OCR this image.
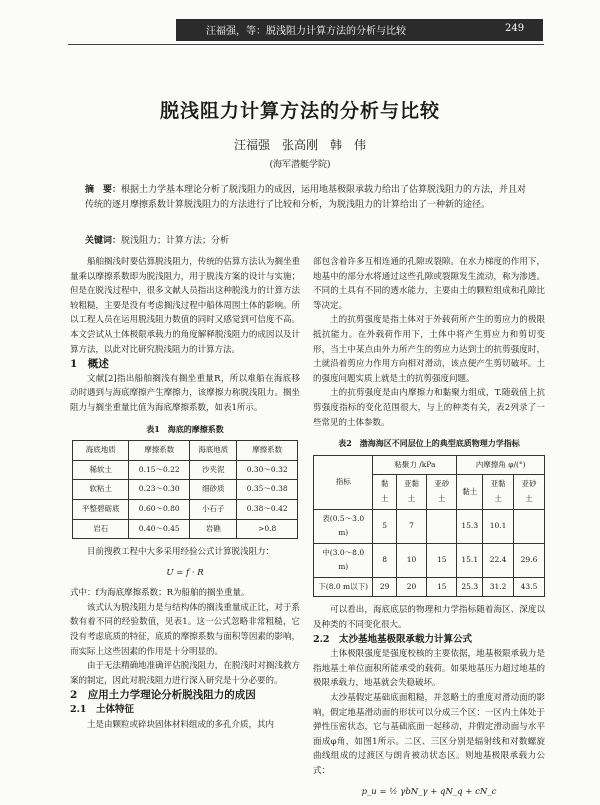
汪福强，等：脱浅阻力计算方法的分析与比较	249
脱浅阻力计算方法的分析与比较
汪福强　张高刚　韩　伟
(海军潜艇学院)
摘　要：根据土力学基本理论分析了脱浅阻力的成因，运用地基极限承载力给出了估算脱浅阻力的方法，并且对传统的逐月摩擦系数计算脱浅阻力的方法进行了比较和分析，为脱浅阻力的计算给出了一种新的途径。
关键词：脱浅阻力；计算方法；分析

船舶搁浅时要估算脱浅阻力，传统的估算方法认为搁坐重量乘以摩擦系数即为脱浅阻力，用于脱浅方案的设计与实施；但是在脱浅过程中，很多文献人员指出这种脱浅力的计算方法较粗糙，主要是没有考虑搁浅过程中船体周围土体的影响。所以工程人员在运用脱浅阻力数值的同时又感觉到可信度不高。本文尝试从土体极限承载力的角度解释脱浅阻力的成因以及计算方法，以此对比研究脱浅阻力的计算方法。

1　概述

文献[2]指出船舶搁浅有搁坐重量R，所以难船在海底移动时遇到与海底摩擦产生摩擦力，该摩擦力称脱浅阻力。搁坐阻力与搁坐重量比值为海底摩擦系数，如表1所示。

表1　海底的摩擦系数
海底地质	摩擦系数	海底地质	摩擦系数
稀软土	0.15～0.22	沙夹泥	0.30～0.32
软粘土	0.23～0.30	细砂质	0.35～0.38
平整碧砺底	0.60～0.80	小石子	0.38～0.42
岩石	0.40～0.45	岩礁	>0.8

目前搜救工程中大多采用经验公式计算脱浅阻力：

U = f · R

式中：f为海底摩擦系数；R为船舶的搁坐重量。

该式认为脱浅阻力是与结构体的搁浅重量成正比，对于系数有着不同的经验数值，见表1。这一公式忽略非常粗糙，它没有考虑底质的特征，底质的摩擦系数与面积等因素的影响，而实际上这些因素的作用是十分明显的。

由于无法精确地准确评估脱浅阻力，在脱浅时对搁浅救方案的制定，因此对脱浅阻力进行深入研究是十分必要的。

2　应用土力学理论分析脱浅阻力的成因

2.1　土体特征

土是由颗粒或碎块固体材料组成的多孔介质，其内

部包含着许多互相连通的孔隙或裂隙。在水力梯度的作用下，地基中的部分水将通过这些孔隙或裂隙发生流动，称为渗透。不同的土具有不同的透水能力，主要由土的颗粒组成和孔隙比等决定。

土的抗剪强度是指土体对于外载荷所产生的剪应力的极限抵抗能力。在外载荷作用下，土体中将产生剪应力和剪切变形，当土中某点由外力所产生的剪应力达到土的抗剪强度时，土就沿着剪应力作用方向相对滑动，该点便产生剪切破坏。土的强度问题实质上就是土的抗剪强度问题。

土的抗剪强度是由内摩擦力和黏聚力组成，T.随载值上抗剪强度指标的变化范围很大，与上的种类有关，表2列录了一些常见的土体参数。

表2　渤海海区不同层位上的典型底质物理力学指标
指标	粘聚力 /kPa			内摩擦角 φ/(°)		
	黏土	亚黏土	亚砂土	黏土	亚黏土	亚砂土
表(0.5～3.0 m)	5	7		15.3	10.1	
中(3.0～8.0 m)	8	10	15	15.1	22.4	29.6
下(8.0 m以下)	29	20	15	25.3	31.2	43.5

可以看出，海底底层的物理和力学指标随着海区、深度以及种类的不同变化很大。

2.2　太沙基地基极限承载力计算公式

土体极限强度是强度校核的主要依据，地基极限承载力是指地基土单位面积所能承受的载荷。如果地基压力超过地基的极限承载力，地基就会失稳破坏。

太沙基假定基础底面粗糙，并忽略土的重度对滑动面的影响，假定地基滑动面的形状可以分成三个区：一区内土体处于弹性压密状态，它与基础底面一起移动，并假定滑动面与水平面成φ角，如图1所示。二区、三区分别是辐射线和对数螺旋曲线组成的过渡区与朗肯被动状态区。则地基极限承载力公式：

p_u = ½ γbN_γ + qN_q + cN_c
